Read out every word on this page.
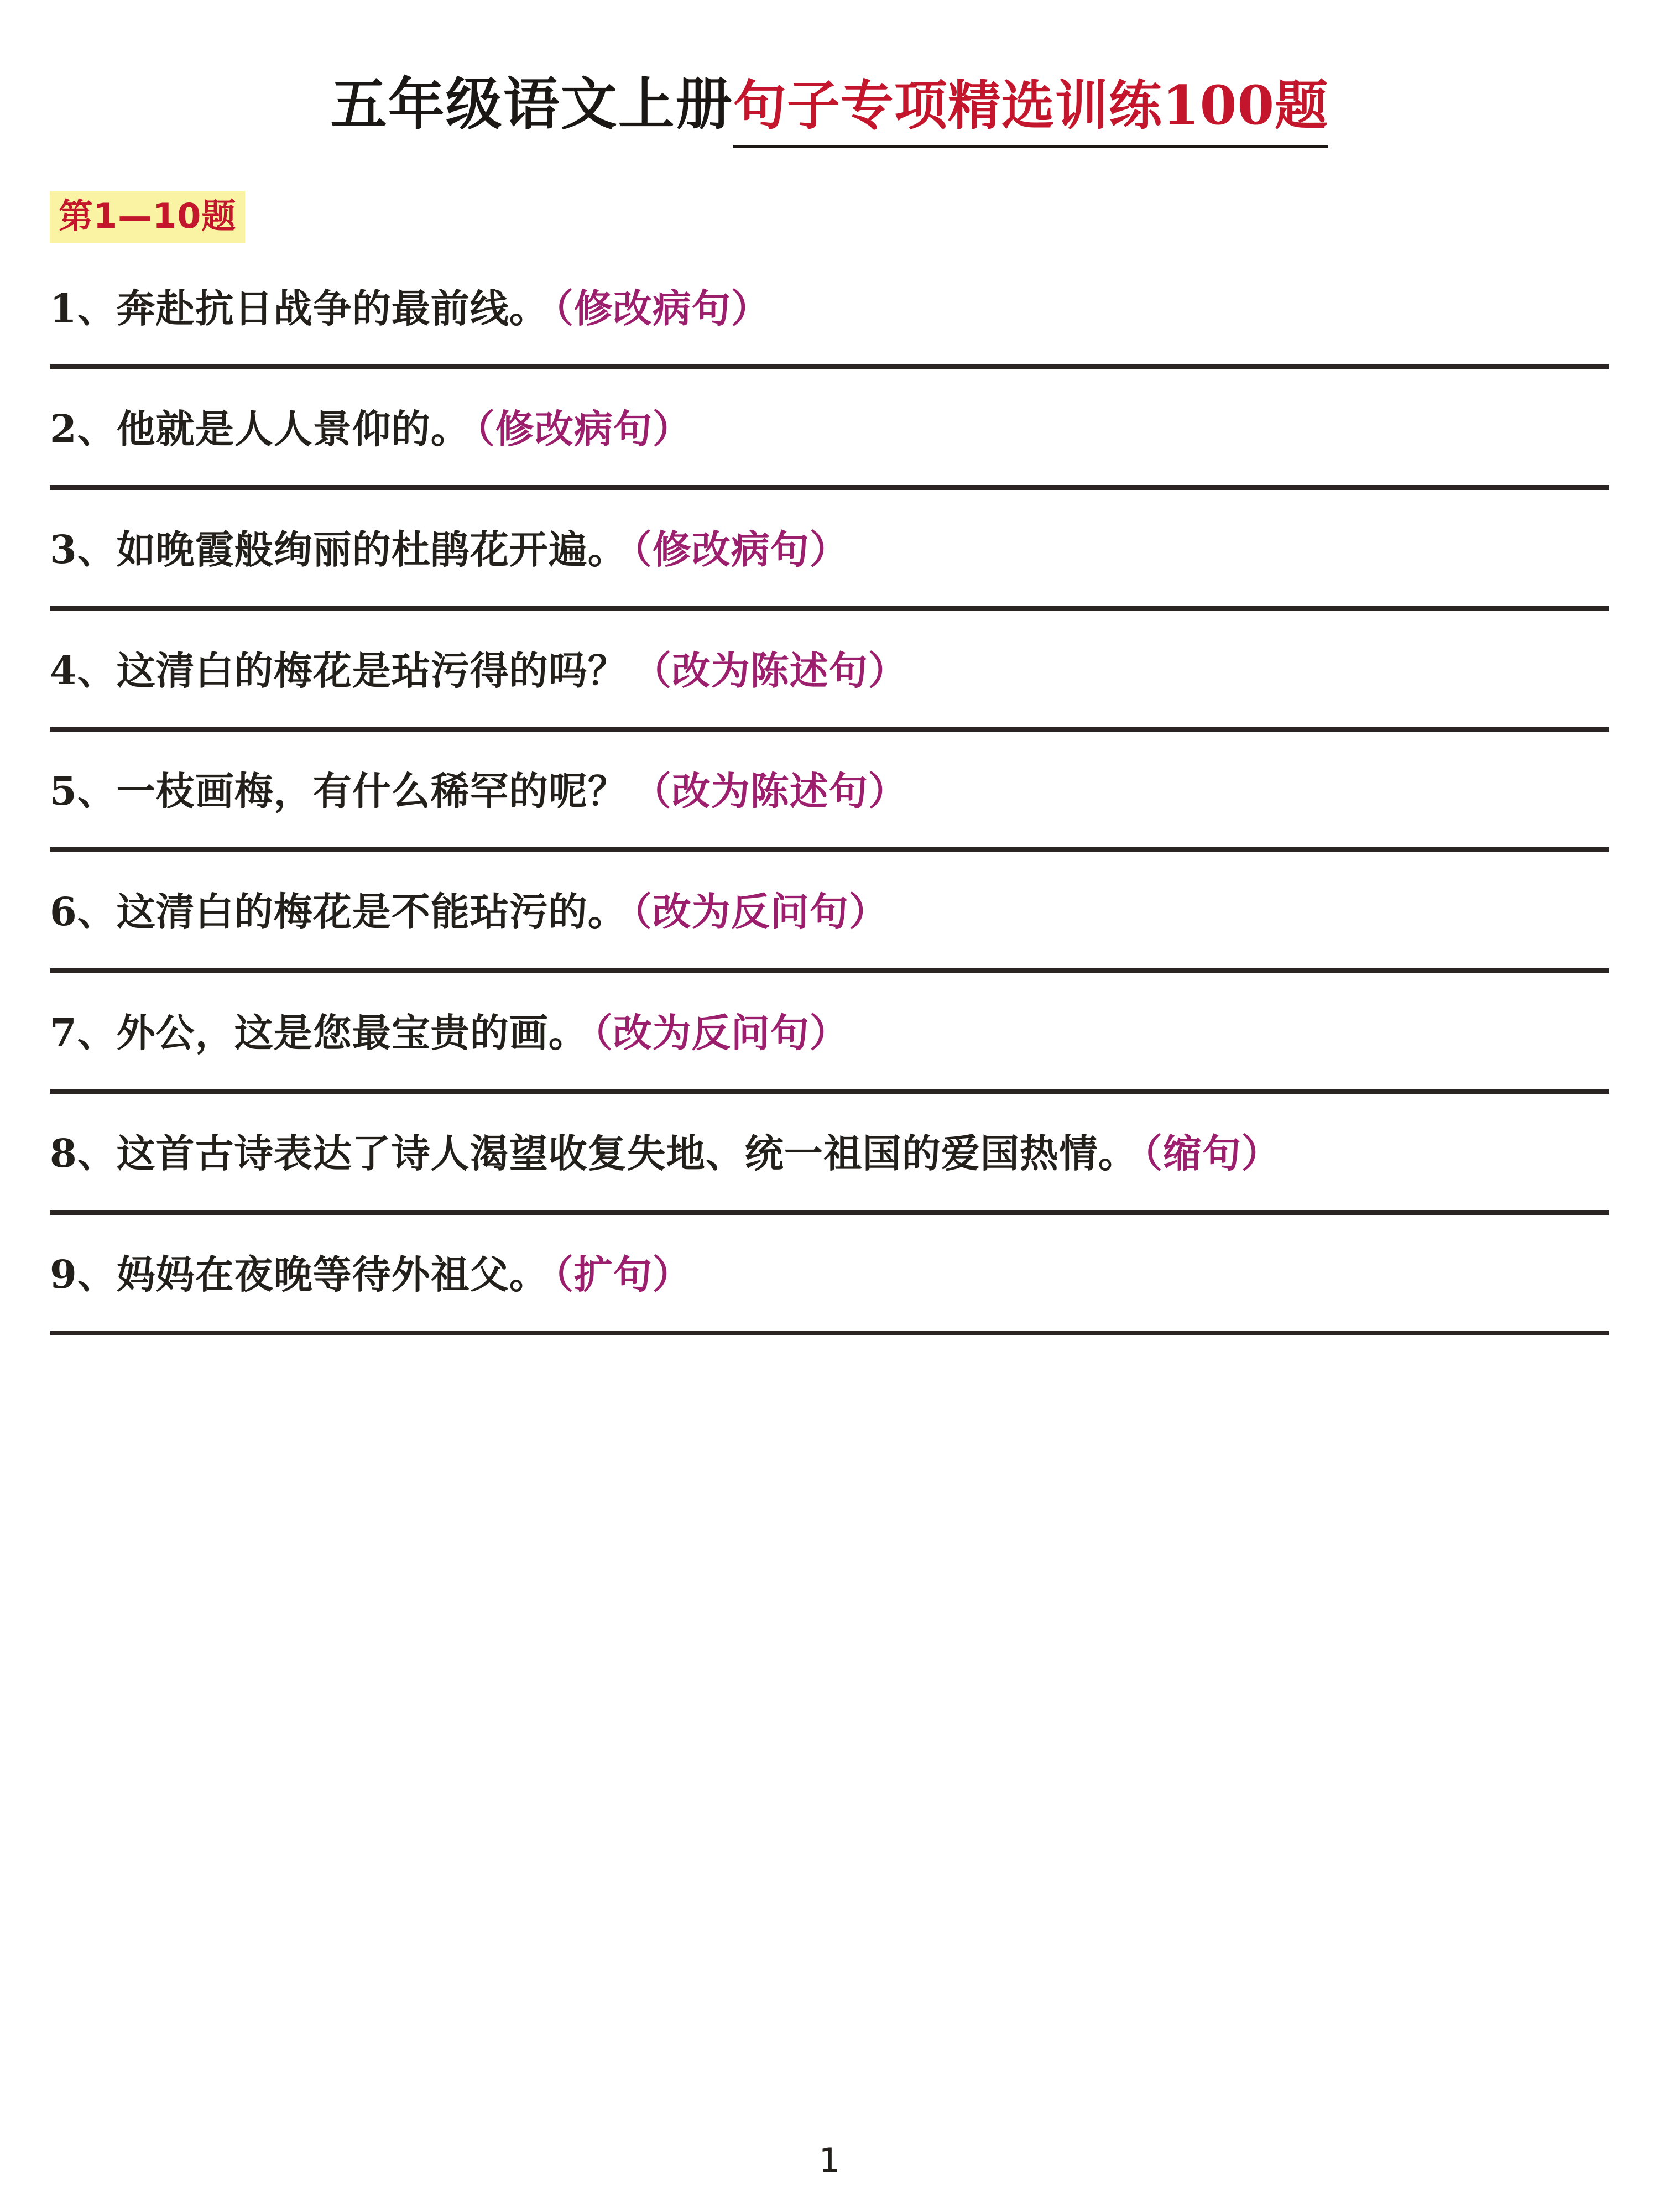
五年级语文上册 句子专项精选训练100题
第1—10题
1、奔赴抗日战争的最前线。 （修改病句）
2、他就是人人景仰的。 （修改病句）
3、如晚霞般绚丽的杜鹃花开遍。 （修改病句）
4、这清白的梅花是玷污得的吗？ （改为陈述句）
5、一枝画梅，有什么稀罕的呢？ （改为陈述句）
6、这清白的梅花是不能玷污的。 （改为反问句）
7、外公，这是您最宝贵的画。 （改为反问句）
8、这首古诗表达了诗人渴望收复失地、统一祖国的爱国热情。 （缩句）
9、妈妈在夜晚等待外祖父。 （扩句）
1
